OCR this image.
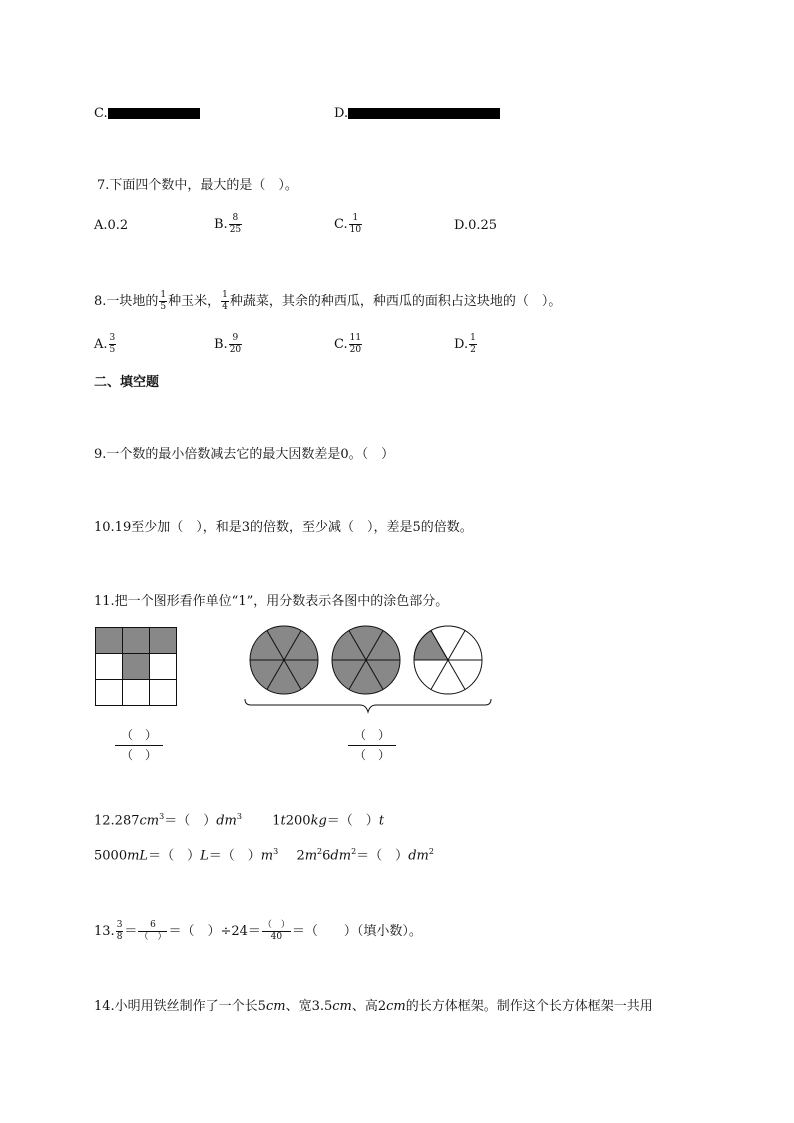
C.	D.
7.下面四个数中，最大的是（　）。
A.0.2	B. $\frac{8}{25}$	C. $\frac{1}{10}$	D.0.25
8.一块地的 $\frac{1}{5}$ 种玉米， $\frac{1}{4}$ 种蔬菜，其余的种西瓜，种西瓜的面积占这块地的（　）。
A. $\frac{3}{5}$	B. $\frac{9}{20}$	C. $\frac{11}{20}$	D. $\frac{1}{2}$
二、填空题
9.一个数的最小倍数减去它的最大因数差是0。（　）
10.19至少加（　），和是3的倍数，至少减（　），差是5的倍数。
11.把一个图形看作单位“1”，用分数表示各图中的涂色部分。
（　）
（　）
（　）
（　）
$12.287cm^3=$（　）$dm^3$ 1t200kg＝（　）t
5000mL＝（　）L＝（　）$m^3$ $2m^26dm^2=$（　）$dm^2$
13. $\frac{3}{8} = \frac{6}{( )}$ ＝（　）$\div 24= \frac{( )}{40}$ ＝（　　）（填小数）。
14.小明用铁丝制作了一个长5cm、宽3.5cm、高2cm的长方体框架。制作这个长方体框架一共用
